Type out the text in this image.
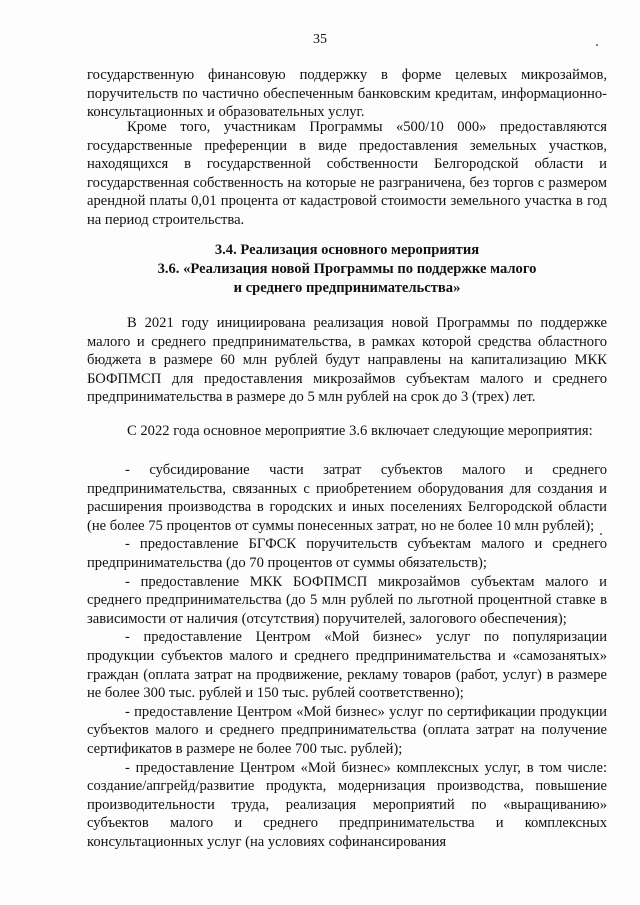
35

государственную финансовую поддержку в форме целевых микрозаймов, поручительств по частично обеспеченным банковским кредитам, информационно-консультационных и образовательных услуг.

Кроме того, участникам Программы «500/10 000» предоставляются государственные преференции в виде предоставления земельных участков, находящихся в государственной собственности Белгородской области и государственная собственность на которые не разграничена, без торгов с размером арендной платы 0,01 процента от кадастровой стоимости земельного участка в год на период строительства.

3.4. Реализация основного мероприятия
3.6. «Реализация новой Программы по поддержке малого
и среднего предпринимательства»

В 2021 году инициирована реализация новой Программы по поддержке малого и среднего предпринимательства, в рамках которой средства областного бюджета в размере 60 млн рублей будут направлены на капитализацию МКК БОФПМСП для предоставления микрозаймов субъектам малого и среднего предпринимательства в размере до 5 млн рублей на срок до 3 (трех) лет.

С 2022 года основное мероприятие 3.6 включает следующие мероприятия:

- субсидирование части затрат субъектов малого и среднего предпринимательства, связанных с приобретением оборудования для создания и расширения производства в городских и иных поселениях Белгородской области (не более 75 процентов от суммы понесенных затрат, но не более 10 млн рублей);

- предоставление БГФСК поручительств субъектам малого и среднего предпринимательства (до 70 процентов от суммы обязательств);

- предоставление МКК БОФПМСП микрозаймов субъектам малого и среднего предпринимательства (до 5 млн рублей по льготной процентной ставке в зависимости от наличия (отсутствия) поручителей, залогового обеспечения);

- предоставление Центром «Мой бизнес» услуг по популяризации продукции субъектов малого и среднего предпринимательства и «самозанятых» граждан (оплата затрат на продвижение, рекламу товаров (работ, услуг) в размере не более 300 тыс. рублей и 150 тыс. рублей соответственно);

- предоставление Центром «Мой бизнес» услуг по сертификации продукции субъектов малого и среднего предпринимательства (оплата затрат на получение сертификатов в размере не более 700 тыс. рублей);

- предоставление Центром «Мой бизнес» комплексных услуг, в том числе: создание/апгрейд/развитие продукта, модернизация производства, повышение производительности труда, реализация мероприятий по «выращиванию» субъектов малого и среднего предпринимательства и комплексных консультационных услуг (на условиях софинансирования
